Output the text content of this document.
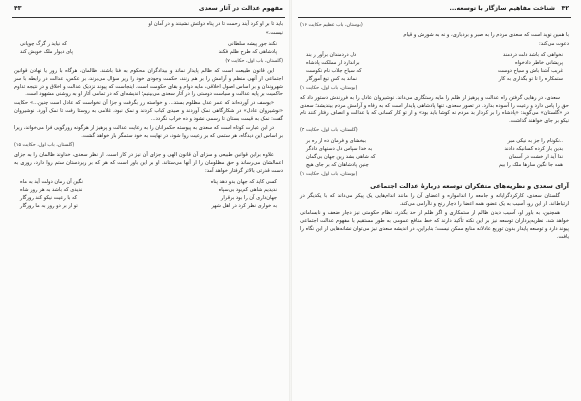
مفهوم عدالت در آثار سعدی
۴۳

باید تا بر او کرد آیند رحمت تا در پناه دولتش نشینند و در آمان او

نیست.»

نکند جور پیشه سلطانی	که نیاید ز گرگ چوپانی
پادشاهی که طرح ظلم فکند	پای دیوار ملک خویش کند

(گلستان، باب اول، حکایت ۷)

این قانون طبیعت است که ظالم پایدار نماند و بیدادگران محکوم به فنا باشند. ظالمان، هرگاه با زور یا نهادن قوانین اجتماعی از آنهی منظم و آرامش را بر هم زنند، حکمت وجودی خود را زیر سؤال می‌برند، بر عکس، عدالت در رابطه با سر شهروندان و بر اساس اصول اخلاقی، مایه دوام و بقای حکومت است. اینجاست که پیوند نزدیک عدالت و اخلاق و در نتیجه تداوم حاکمیت بر پایه عدالت و سیاست دوستی را در آثار سعدی می‌بینیم؛ اندیشه‌ای که در تمامی آثار او به روشنی مشهود است.

«یوسف در آورده‌اند که عمر عدل مظلوم بستد... و خواسته زر بگرفت و جزا آن نخواست که عادل است چنین...» حکایت «نوشیروان عادل» در شکارگاهی نمک آوردند و صیدی کباب کردند و نمک نبود، غلامی به روستا رفت تا نمک آورد. نوشیروان گفت: نمک به قیمت بستان تا رسمی نشود و ده خراب نگردد...

در این عبارت کوتاه است که سعدی به پیوسته حکمرانان را به رعایت عدالت و پرهیز از هرگونه زورگویی فرا می‌خواند، زیرا بر اساس این دیدگاه، هر ستمی که بر رعیت روا شود، در نهایت به خود ستمگر باز خواهد گشت.

(گلستان، باب اول، حکایت ۱۵)

علاوه براین قوانین طبیعی و سزای آن قانون الهی و جزای آن نیز در کار است. از نظر سعدی، خداوند ظالمان را به جزای اعمالشان می‌رساند و حق مظلومان را از آنها می‌ستاند. او بر این باور است که هر که بر زیردستان ستم روا دارد، روزی به دست قدرتی بالاتر گرفتار خواهد آمد:

کسی کاید که جهان بدو دهد پناه	نگین آن زمان دولت آید به ماه
ندیدیم شاهی کم‌بود بی‌سپاه	ندیدی که باشد به هر روز شاه
جهان‌داری آن را بود برقرار	که با رعیت نیکو کند روزگار
به خواری نظر کرد در اهل شهر	تو از بر دو روز به ما روزگار
۴۲
شناخت مفاهیم سازگار با توسعه...

(بوستان، باب عظیم حکایت ۱۶)

با همین نوید است که سعدی مردم را به صبر و بردباری، و نه به شورش و قیام

دعوت می‌کند:

نخواهی که باشد دلت دردمند	دل دردمندان برآور ز بند
پریشانی خاطر دادخواه	براندازد از مملکت پادشاه
غریب آشنا باش و سیاح دوست	که سیاح جلاب نام نکوست
ستمکاره را تا تو بگذاری به کار	نماند به کس تیغ آموزگار

(بوستان، باب اول، حکایت ۱)

سعدی، در رهایی گرفتن راه عدالت و پرهیز از ظلم را مایه رستگاری می‌داند. نوشیروان عادل را به فرزندش دستور داد که حق را پاس دارد و رعیت را آسوده بدارد. در تصور سعدی، تنها پادشاهی پایدار است که به رفاه و آرامش مردم بیندیشد؛ سعدی در «گلستان» می‌گوید: «پادشاه را بر کردار بد مردم نه کوشا باید بود» و از تو کار کسانی که با عدالت و انصاف رفتار کنند نام نیکو بر جای خواهند گذاشت.

(گلستان، باب اول، حکایت ۴)

..نکونام را جز به نیکی مبر	ببخشای و فرمان ده از ره بر
بدین باز کرده کسانیکه دادند	به خدا سپاس دل دستهای دادگر
ندا آید از خشت در آسمان	که شاهی بشد زین جهان بی‌گمان
همه جا نگین سازها ملک را بیم	چنین پادشاهان که بر جای هیچ

(بوستان، باب اول، حکایت ۱)

آرای سعدی و نظریه‌های متفکران توسعه دربارۀ عدالت اجتماعی

گلستان سعدی، کارکردگرایانه و جامعه را اندامواره و اعضای آن را مانند اندام‌هایی یک پیکر می‌داند که با یکدیگر در ارتباط‌اند. از این رو، آسیب به یک عضو، همه اعضا را دچار رنج و ناآرامی می‌کند.

همچنین، به باور او، آسیب دیدن ظالم از ستمکاری و اگر ظلم از حد بگذرد، نظام حکومتی نیز دچار ضعف و نابسامانی خواهد شد. نظریه‌پردازان توسعه نیز بر این نکته تأکید دارند که خط منافع عمومی به طور مستقیم با مفهوم عدالت اجتماعی پیوند دارد و توسعه پایدار بدون توزیع عادلانه منابع ممکن نیست؛ بنابراین، در اندیشه سعدی نیز می‌توان نشانه‌هایی از این نگاه را یافت.
